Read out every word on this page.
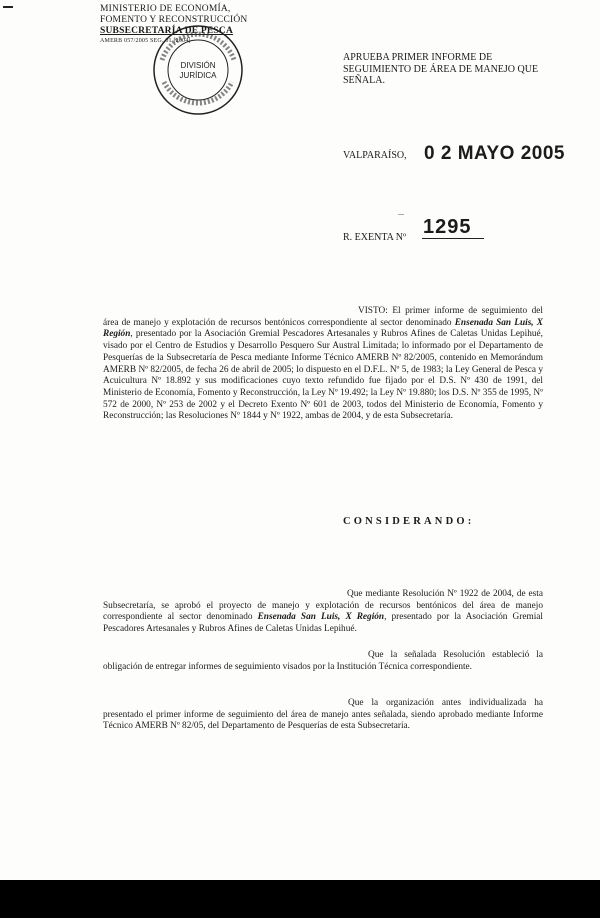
MINISTERIO DE ECONOMÍA,
FOMENTO Y RECONSTRUCCIÓN
SUBSECRETARÍA DE PESCA
AMERB 057/2005 SEG. 01 [2004]
DIVISIÓN
JURÍDICA
APRUEBA PRIMER INFORME DE SEGUIMIENTO DE ÁREA DE MANEJO QUE SEÑALA.
VALPARAÍSO, 0 2 MAYO 2005
...
R. EXENTA Nº 1295
VISTO: El primer informe de seguimiento del área de manejo y explotación de recursos bentónicos correspondiente al sector denominado Ensenada San Luis, X Región, presentado por la Asociación Gremial Pescadores Artesanales y Rubros Afines de Caletas Unidas Lepihué, visado por el Centro de Estudios y Desarrollo Pesquero Sur Austral Limitada; lo informado por el Departamento de Pesquerías de la Subsecretaría de Pesca mediante Informe Técnico AMERB Nº 82/2005, contenido en Memorándum AMERB Nº 82/2005, de fecha 26 de abril de 2005; lo dispuesto en el D.F.L. Nº 5, de 1983; la Ley General de Pesca y Acuicultura Nº 18.892 y sus modificaciones cuyo texto refundido fue fijado por el D.S. Nº 430 de 1991, del Ministerio de Economía, Fomento y Reconstrucción, la Ley Nº 19.492; la Ley Nº 19.880; los D.S. Nº 355 de 1995, Nº 572 de 2000, Nº 253 de 2002 y el Decreto Exento Nº 601 de 2003, todos del Ministerio de Economía, Fomento y Reconstrucción; las Resoluciones Nº 1844 y Nº 1922, ambas de 2004, y de esta Subsecretaría.
CONSIDERANDO:
Que mediante Resolución Nº 1922 de 2004, de esta Subsecretaría, se aprobó el proyecto de manejo y explotación de recursos bentónicos del área de manejo correspondiente al sector denominado Ensenada San Luis, X Región, presentado por la Asociación Gremial Pescadores Artesanales y Rubros Afines de Caletas Unidas Lepihué.
Que la señalada Resolución estableció la obligación de entregar informes de seguimiento visados por la Institución Técnica correspondiente.
Que la organización antes individualizada ha presentado el primer informe de seguimiento del área de manejo antes señalada, siendo aprobado mediante Informe Técnico AMERB Nº 82/05, del Departamento de Pesquerías de esta Subsecretaría.
